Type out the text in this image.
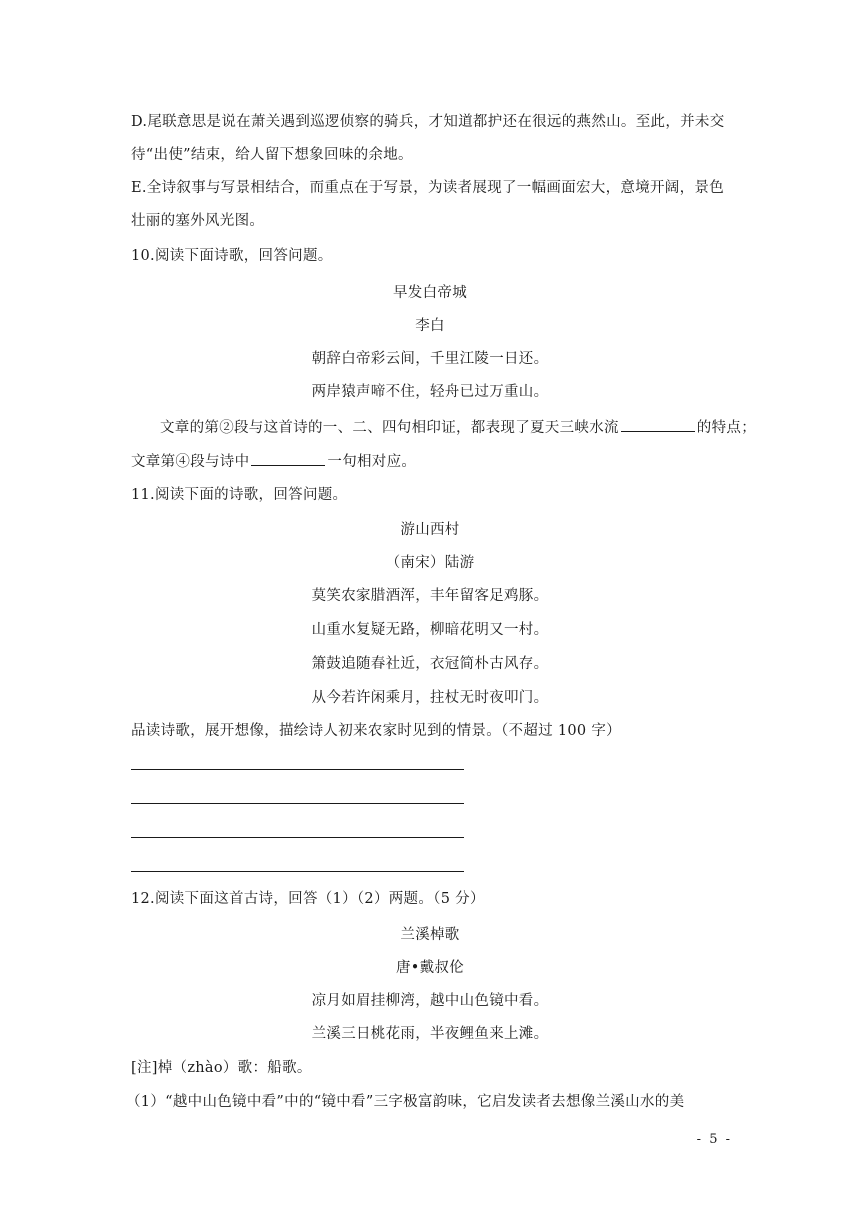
D.尾联意思是说在萧关遇到巡逻侦察的骑兵，才知道都护还在很远的燕然山。至此，并未交
待“出使”结束，给人留下想象回味的余地。
E.全诗叙事与写景相结合，而重点在于写景，为读者展现了一幅画面宏大，意境开阔，景色
壮丽的塞外风光图。
10.阅读下面诗歌，回答问题。
早发白帝城
李白
朝辞白帝彩云间，千里江陵一日还。
两岸猿声啼不住，轻舟已过万重山。
文章的第②段与这首诗的一、二、四句相印证，都表现了夏天三峡水流	的特点；
文章第④段与诗中	一句相对应。
11.阅读下面的诗歌，回答问题。
游山西村
（南宋）陆游
莫笑农家腊酒浑，丰年留客足鸡豚。
山重水复疑无路，柳暗花明又一村。
箫鼓追随春社近，衣冠简朴古风存。
从今若许闲乘月，拄杖无时夜叩门。
品读诗歌，展开想像，描绘诗人初来农家时见到的情景。（不超过 100 字）
12.阅读下面这首古诗，回答（1）（2）两题。（5 分）
兰溪棹歌
唐•戴叔伦
凉月如眉挂柳湾，越中山色镜中看。
兰溪三日桃花雨，半夜鲤鱼来上滩。
[注]棹（zhào）歌：船歌。
（1）“越中山色镜中看”中的“镜中看”三字极富韵味，它启发读者去想像兰溪山水的美
- 5 -
